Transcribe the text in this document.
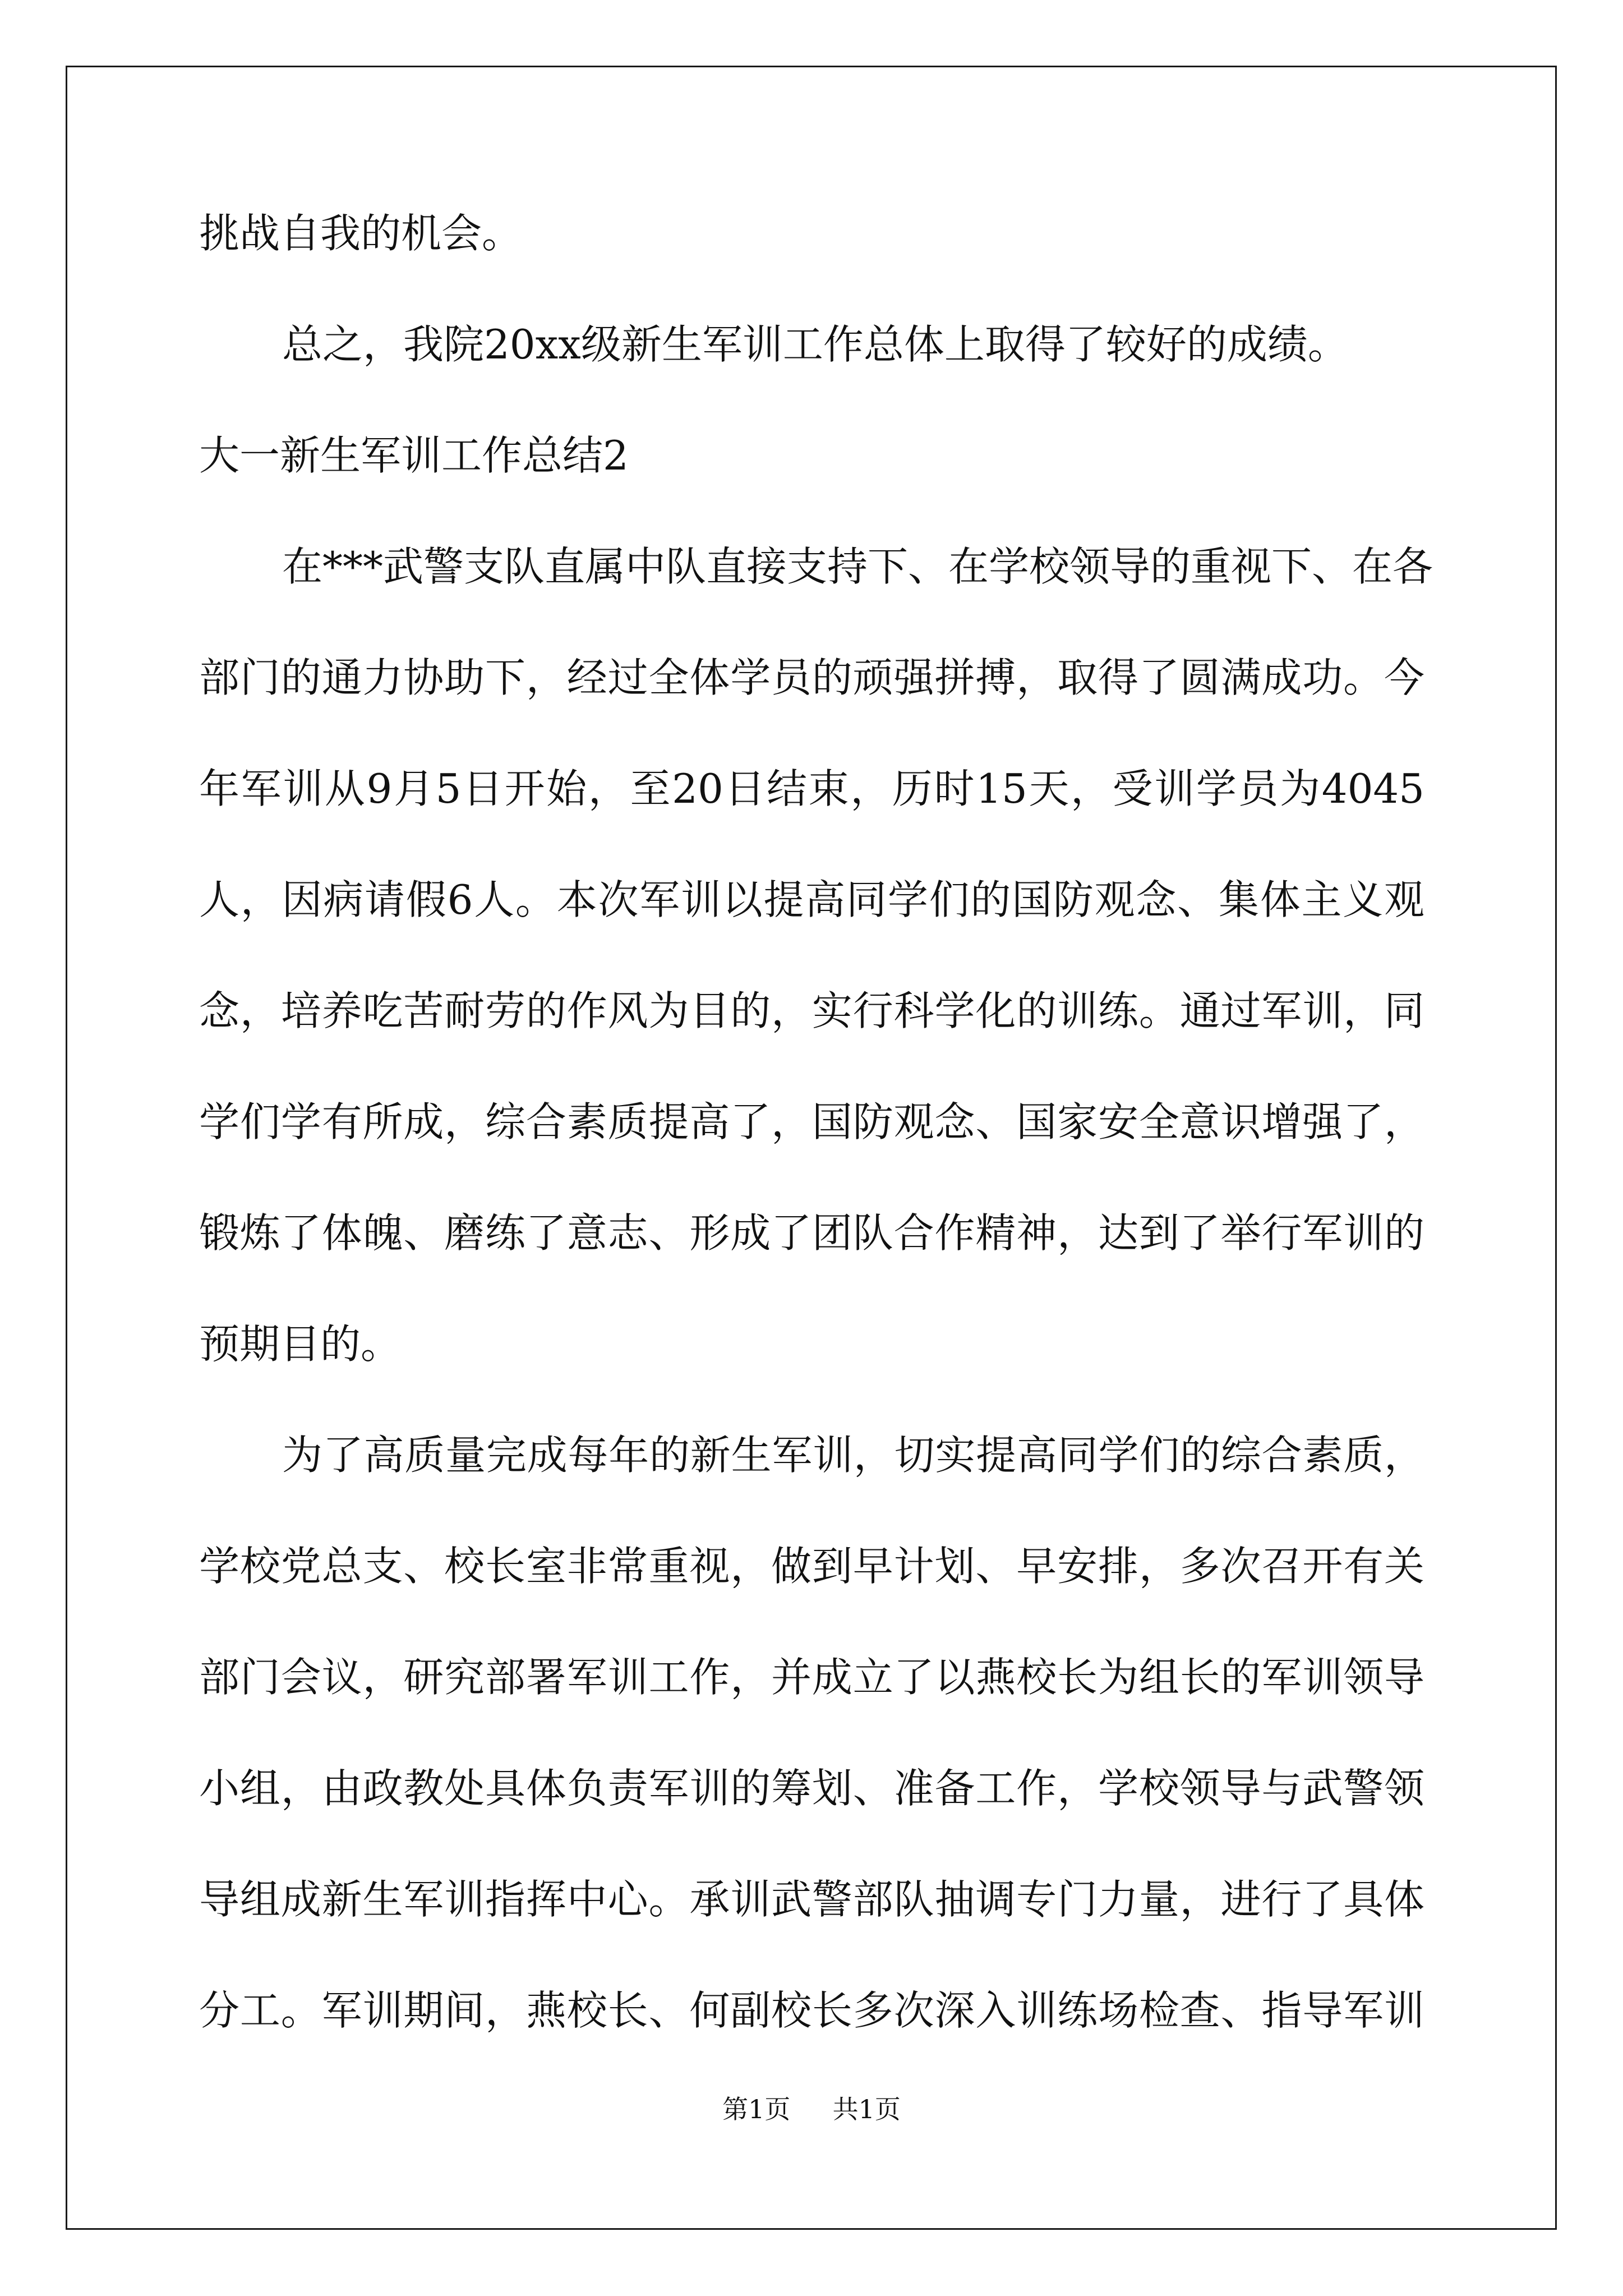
挑战自我的机会。
总之，我院20xx级新生军训工作总体上取得了较好的成绩。
大一新生军训工作总结2
在***武警支队直属中队直接支持下、在学校领导的重视下、在各
部门的通力协助下，经过全体学员的顽强拼搏，取得了圆满成功。今
年军训从9月5日开始，至20日结束，历时15天，受训学员为4045
人，因病请假6人。本次军训以提高同学们的国防观念、集体主义观
念，培养吃苦耐劳的作风为目的，实行科学化的训练。通过军训，同
学们学有所成，综合素质提高了，国防观念、国家安全意识增强了，
锻炼了体魄、磨练了意志、形成了团队合作精神，达到了举行军训的
预期目的。
为了高质量完成每年的新生军训，切实提高同学们的综合素质，
学校党总支、校长室非常重视，做到早计划、早安排，多次召开有关
部门会议，研究部署军训工作，并成立了以燕校长为组长的军训领导
小组，由政教处具体负责军训的筹划、准备工作，学校领导与武警领
导组成新生军训指挥中心。承训武警部队抽调专门力量，进行了具体
分工。军训期间，燕校长、何副校长多次深入训练场检查、指导军训
第1页 共1页
